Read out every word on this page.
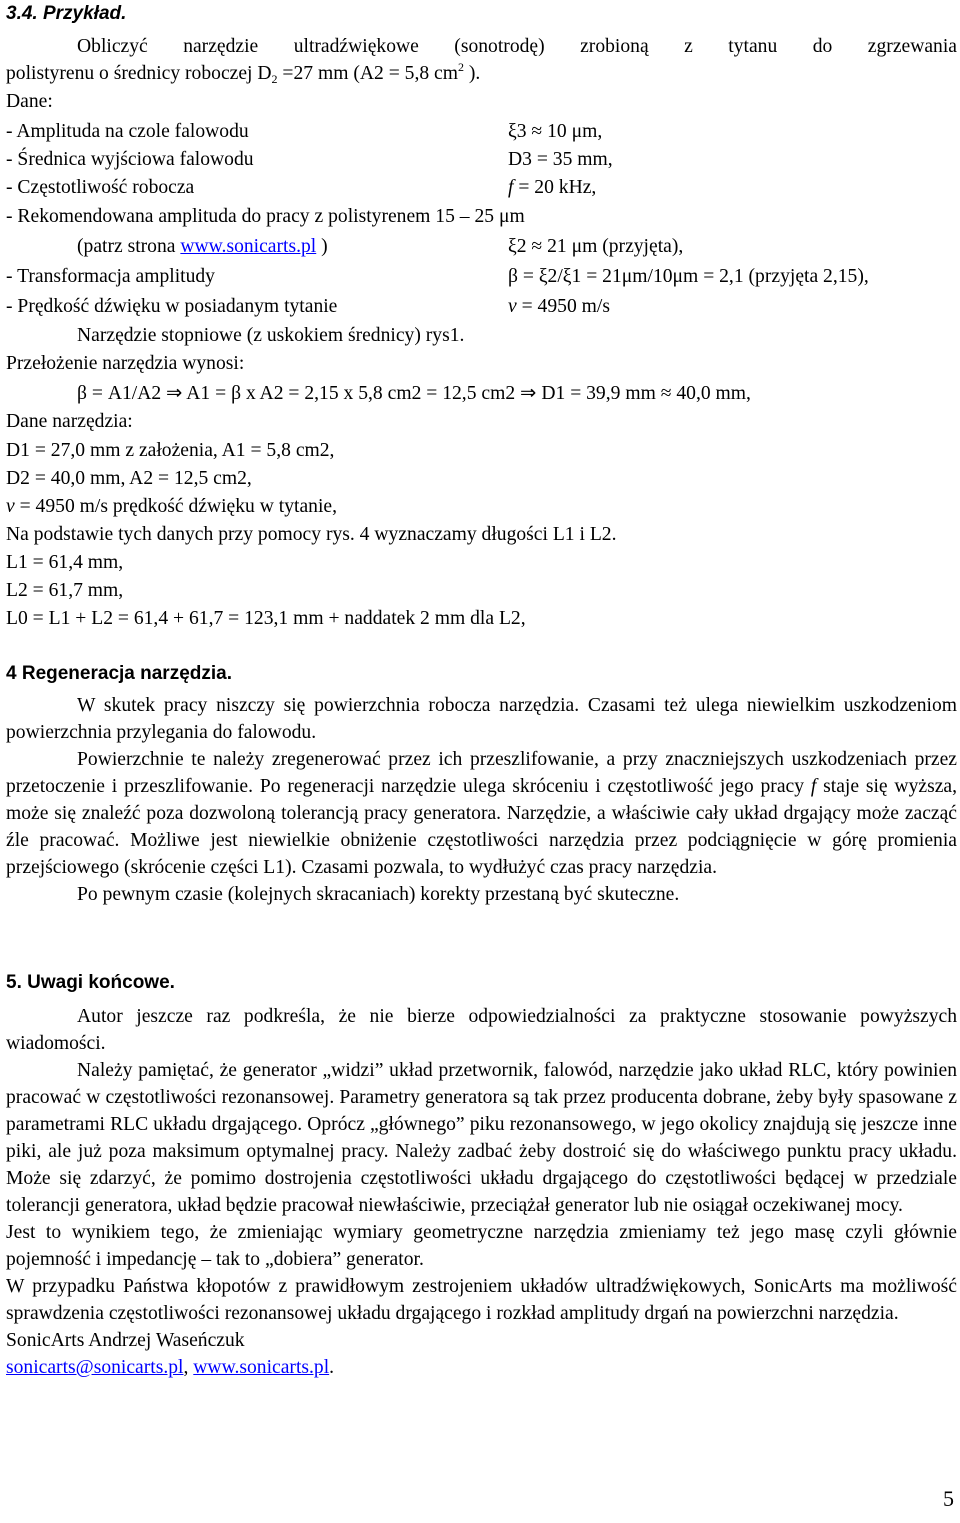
3.4. Przykład.
Obliczyć narzędzie ultradźwiękowe (sonotrodę) zrobioną z tytanu do zgrzewania
polistyrenu o średnicy roboczej $D_2 =27$ mm (A2 = 5,8 $cm^2$ ).
Dane:
- Amplituda na czole falowodu	ξ3 ≈ 10 μm,
- Średnica wyjściowa falowodu	D3 = 35 mm,
- Częstotliwość robocza	f = 20 kHz,
- Rekomendowana amplituda do pracy z polistyrenem 15 – 25 μm
(patrz strona www.sonicarts.pl )	ξ2 ≈ 21 μm (przyjęta),
- Transformacja amplitudy	β = ξ2/ξ1 = 21μm/10μm = 2,1 (przyjęta 2,15),
- Prędkość dźwięku w posiadanym tytanie	v = 4950 m/s
Narzędzie stopniowe (z uskokiem średnicy) rys1.
Przełożenie narzędzia wynosi:
β = A1/A2 ⇒ A1 = β x A2 = 2,15 x 5,8 cm2 = 12,5 cm2 ⇒ D1 = 39,9 mm ≈ 40,0 mm,
Dane narzędzia:
D1 = 27,0 mm z założenia, A1 = 5,8 cm2,
D2 = 40,0 mm, A2 = 12,5 cm2,
v = 4950 m/s prędkość dźwięku w tytanie,
Na podstawie tych danych przy pomocy rys. 4 wyznaczamy długości L1 i L2.
L1 = 61,4 mm,
L2 = 61,7 mm,
L0 = L1 + L2 = 61,4 + 61,7 = 123,1 mm + naddatek 2 mm dla L2,
4 Regeneracja narzędzia.

W skutek pracy niszczy się powierzchnia robocza narzędzia. Czasami też ulega niewielkim uszkodzeniom powierzchnia przylegania do falowodu.

Powierzchnie te należy zregenerować przez ich przeszlifowanie, a przy znaczniejszych uszkodzeniach przez przetoczenie i przeszlifowanie. Po regeneracji narzędzie ulega skróceniu i częstotliwość jego pracy f staje się wyższa, może się znaleźć poza dozwoloną tolerancją pracy generatora. Narzędzie, a właściwie cały układ drgający może zacząć źle pracować. Możliwe jest niewielkie obniżenie częstotliwości narzędzia przez podciągnięcie w górę promienia przejściowego (skrócenie części L1). Czasami pozwala, to wydłużyć czas pracy narzędzia.

Po pewnym czasie (kolejnych skracaniach) korekty przestaną być skuteczne.

5. Uwagi końcowe.

Autor jeszcze raz podkreśla, że nie bierze odpowiedzialności za praktyczne stosowanie powyższych wiadomości.

Należy pamiętać, że generator „widzi” układ przetwornik, falowód, narzędzie jako układ RLC, który powinien pracować w częstotliwości rezonansowej. Parametry generatora są tak przez producenta dobrane, żeby były spasowane z parametrami RLC układu drgającego. Oprócz „głównego” piku rezonansowego, w jego okolicy znajdują się jeszcze inne piki, ale już poza maksimum optymalnej pracy. Należy zadbać żeby dostroić się do właściwego punktu pracy układu. Może się zdarzyć, że pomimo dostrojenia częstotliwości układu drgającego do częstotliwości będącej w przedziale tolerancji generatora, układ będzie pracował niewłaściwie, przeciążał generator lub nie osiągał oczekiwanej mocy.

Jest to wynikiem tego, że zmieniając wymiary geometryczne narzędzia zmieniamy też jego masę czyli głównie pojemność i impedancję – tak to „dobiera” generator.

W przypadku Państwa kłopotów z prawidłowym zestrojeniem układów ultradźwiękowych, SonicArts ma możliwość sprawdzenia częstotliwości rezonansowej układu drgającego i rozkład amplitudy drgań na powierzchni narzędzia.

SonicArts Andrzej Waseńczuk

sonicarts@sonicarts.pl, www.sonicarts.pl.

5
